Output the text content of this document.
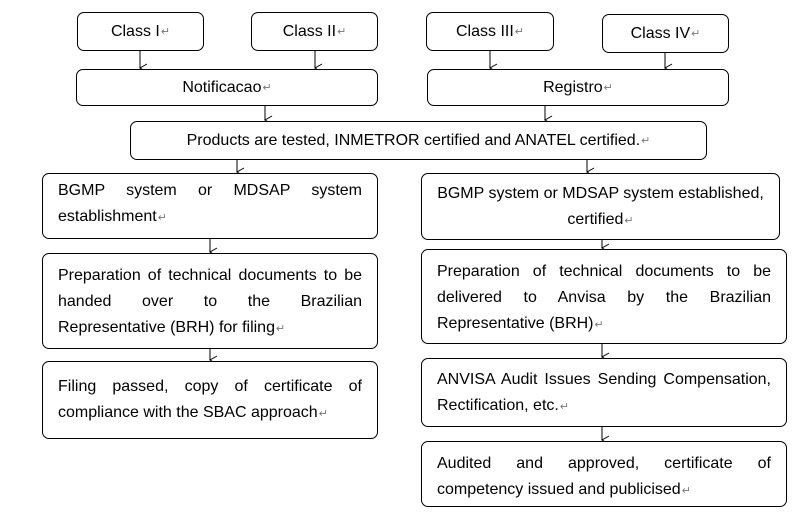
Class I ↵	Class II ↵	Class III ↵	Class IV ↵
Notificacao ↵	Registro ↵
Products are tested, INMETROR certified and ANATEL certified. ↵
BGMP system or MDSAP system establishment↵
Preparation of technical documents to be handed over to the Brazilian Representative (BRH) for filing↵
Filing passed, copy of certificate of compliance with the SBAC approach↵
BGMP system or MDSAP system established, certified↵
Preparation of technical documents to be delivered to Anvisa by the Brazilian Representative (BRH)↵
ANVISA Audit Issues Sending Compensation, Rectification, etc.↵
Audited and approved, certificate of competency issued and publicised↵
